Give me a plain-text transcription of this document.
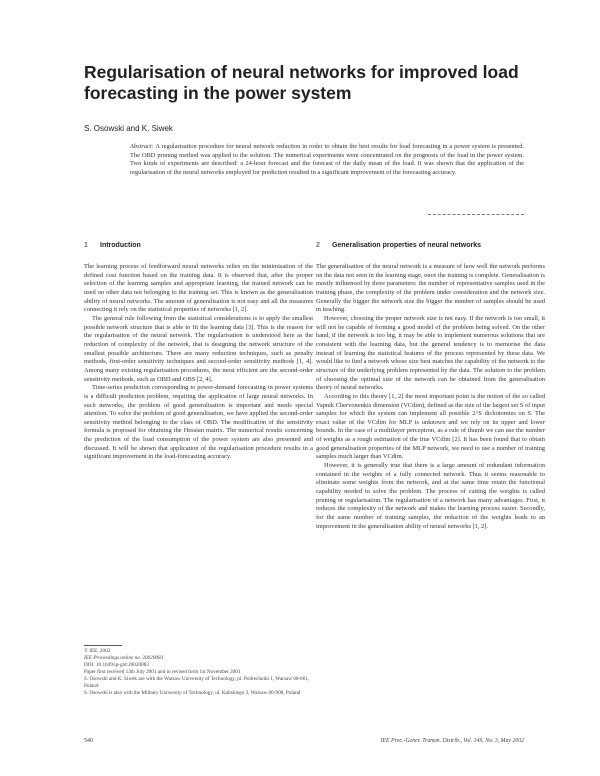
Regularisation of neural networks for improved load forecasting in the power system
S. Osowski and K. Siwek
Abstract: A regularisation procedure for neural network reduction in order to obtain the best results for load forecasting in a power system is presented. The OBD pruning method was applied to the solution. The numerical experiments were concentrated on the prognosis of the load in the power system. Two kinds of experiments are described: a 24-hour forecast and the forecast of the daily mean of the load. It was shown that the application of the regularisation of the neural networks employed for prediction resulted in a significant improvement of the forecasting accuracy.
1 Introduction

The learning process of feedforward neural networks relies on the minimisation of the defined cost function based on the training data. It is observed that, after the proper selection of the learning samples and appropriate learning, the trained network can be used on other data not belonging to the training set. This is known as the generalisation ability of neural networks. The amount of generalisation is not easy and all the measures connecting it rely on the statistical properties of networks [1, 2].

The general rule following from the statistical considerations is to apply the smallest possible network structure that is able to fit the learning data [3]. This is the reason for the regularisation of the neural network. The regularisation is understood here as the reduction of complexity of the network, that is designing the network structure of the smallest possible architecture. There are many reduction techniques, such as penalty methods, first-order sensitivity techniques and second-order sensitivity methods [1, 4]. Among many existing regularisation procedures, the most efficient are the second-order sensitivity methods, such as OBD and OBS [2, 4].

Time-series prediction corresponding to power-demand forecasting in power systems is a difficult prediction problem, requiring the application of large neural networks. In such networks, the problem of good generalisation is important and needs special attention. To solve the problem of good generalisation, we have applied the second-order sensitivity method belonging to the class of OBD. The modification of the sensitivity formula is proposed for obtaining the Hessian matrix. The numerical results concerning the prediction of the load consumption of the power system are also presented and discussed. It will be shown that application of the regularisation procedure results in a significant improvement in the load-forecasting accuracy.

2 Generalisation properties of neural networks

The generalisation of the neural network is a measure of how well the network performs on the data not seen in the learning stage, once the training is complete. Generalisation is mostly influenced by three parameters: the number of representative samples used in the training phase, the complexity of the problem under consideration and the network size. Generally the bigger the network size the bigger the number of samples should be used in teaching.

However, choosing the proper network size is not easy. If the network is too small, it will not be capable of forming a good model of the problem being solved. On the other hand, if the network is too big, it may be able to implement numerous solutions that are consistent with the learning data, but the general tendency is to memorise the data instead of learning the statistical features of the process represented by these data. We would like to find a network whose size best matches the capability of the network to the structure of the underlying problem represented by the data. The solution to the problem of choosing the optimal size of the network can be obtained from the generalisation theory of neural networks.

According to this theory [1, 2] the most important point is the notion of the so called Vapnik Chervonenkis dimension (VCdim), defined as the size of the largest set S of input samples for which the system can implement all possible 2^S dichotomies on S. The exact value of the VCdim for MLP is unknown and we rely on its upper and lower bounds. In the case of a multilayer perceptron, as a rule of thumb we can use the number of weights as a rough estimation of the true VCdim [2]. It has been found that to obtain good generalisation properties of the MLP network, we need to use a number of training samples much larger than VCdim.

However, it is generally true that there is a large amount of redundant information contained in the weights of a fully connected network. Thus it seems reasonable to eliminate some weights from the network, and at the same time retain the functional capability needed to solve the problem. The process of cutting the weights is called pruning or regularisation. The regularisation of a network has many advantages. First, it reduces the complexity of the network and makes the learning process easier. Secondly, for the same number of training samples, the reduction of the weights leads to an improvement in the generalisation ability of neural networks [1, 2].

© IEE, 2002
IEE Proceedings online no. 20020083
DOI: 10.1049/ip-gtd:20020083
Paper first received 13th July 2001 and in revised form 1st November 2001
S. Osowski and K. Siwek are with the Warsaw University of Technology, pl. Politechniki 1, Warsaw 00-661, Poland
S. Osowski is also with the Military University of Technology, ul. Kaliskiego 2, Warsaw 00-908, Poland
540	IEE Proc.-Gener. Transm. Distrib., Vol. 149, No. 3, May 2002
